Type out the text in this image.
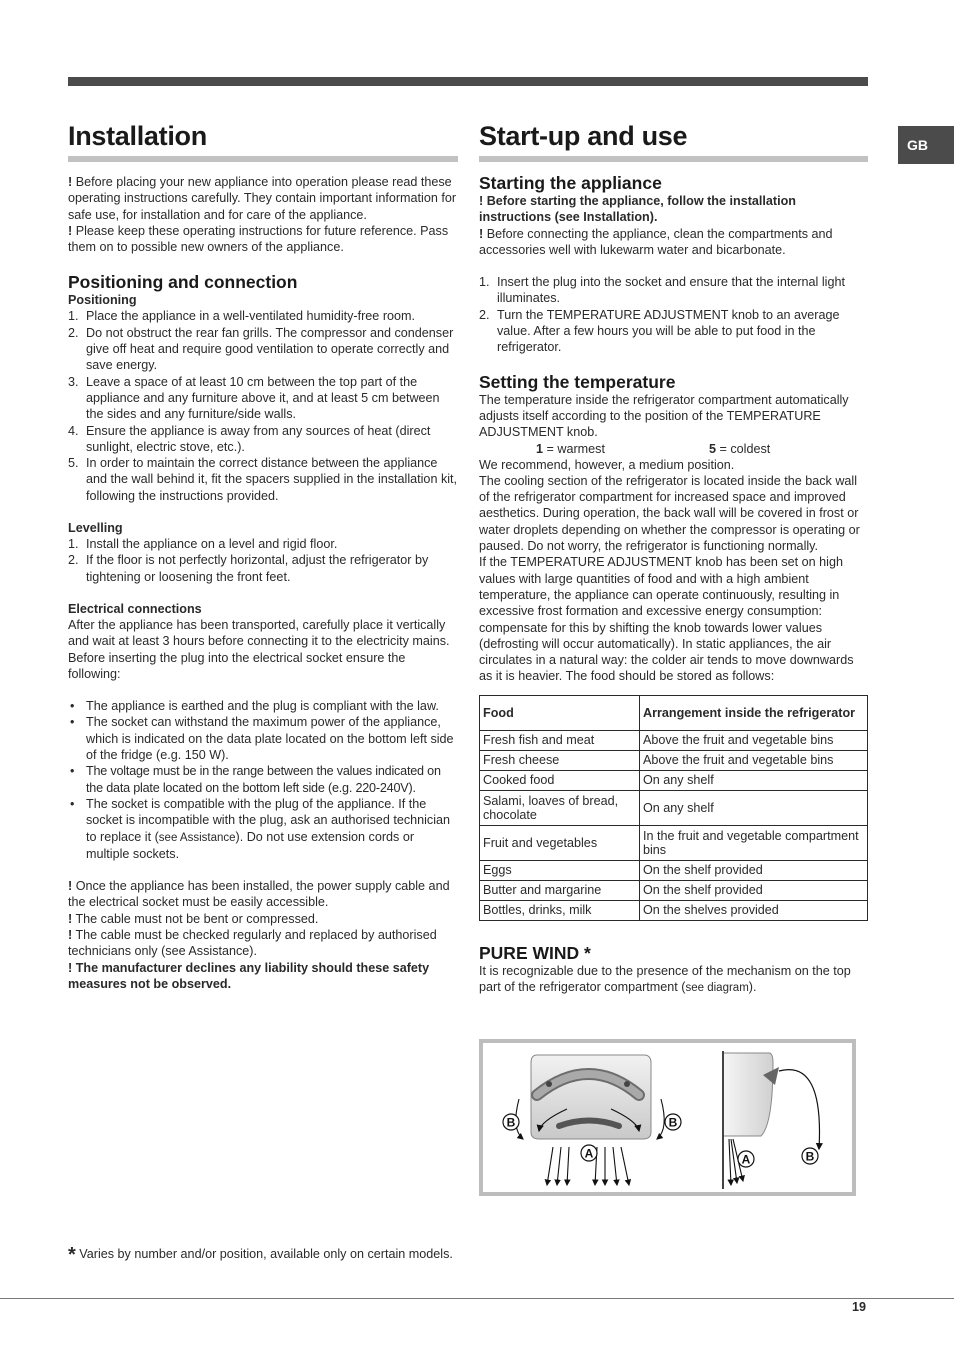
GB
Installation

! Before placing your new appliance into operation please read these operating instructions carefully. They contain important information for safe use, for installation and for care of the appliance.

! Please keep these operating instructions for future reference. Pass them on to possible new owners of the appliance.

Positioning and connection
Positioning
1. Place the appliance in a well-ventilated humidity-free room.
2. Do not obstruct the rear fan grills. The compressor and condenser give off heat and require good ventilation to operate correctly and save energy.
3. Leave a space of at least 10 cm between the top part of the appliance and any furniture above it, and at least 5 cm between the sides and any furniture/side walls.
4. Ensure the appliance is away from any sources of heat (direct sunlight, electric stove, etc.).
5. In order to maintain the correct distance between the appliance and the wall behind it, fit the spacers supplied in the installation kit, following the instructions provided.
Levelling
1. Install the appliance on a level and rigid floor.
2. If the floor is not perfectly horizontal, adjust the refrigerator by tightening or loosening the front feet.
Electrical connections

After the appliance has been transported, carefully place it vertically and wait at least 3 hours before connecting it to the electricity mains. Before inserting the plug into the electrical socket ensure the following:

• The appliance is earthed and the plug is compliant with the law.
• The socket can withstand the maximum power of the appliance, which is indicated on the data plate located on the bottom left side of the fridge (e.g. 150 W).
• The voltage must be in the range between the values indicated on the data plate located on the bottom left side (e.g. 220-240V).
• The socket is compatible with the plug of the appliance. If the socket is incompatible with the plug, ask an authorised technician to replace it (see Assistance). Do not use extension cords or multiple sockets.

! Once the appliance has been installed, the power supply cable and the electrical socket must be easily accessible.

! The cable must not be bent or compressed.

! The cable must be checked regularly and replaced by authorised technicians only (see Assistance).

! The manufacturer declines any liability should these safety measures not be observed.

Start-up and use
Starting the appliance

! Before starting the appliance, follow the installation instructions (see Installation).

! Before connecting the appliance, clean the compartments and accessories well with lukewarm water and bicarbonate.

1. Insert the plug into the socket and ensure that the internal light illuminates.
2. Turn the TEMPERATURE ADJUSTMENT knob to an average value. After a few hours you will be able to put food in the refrigerator.
Setting the temperature

The temperature inside the refrigerator compartment automatically adjusts itself according to the position of the TEMPERATURE ADJUSTMENT knob.

1 = warmest	5 = coldest

We recommend, however, a medium position.
The cooling section of the refrigerator is located inside the back wall of the refrigerator compartment for increased space and improved aesthetics. During operation, the back wall will be covered in frost or water droplets depending on whether the compressor is operating or paused. Do not worry, the refrigerator is functioning normally.
If the TEMPERATURE ADJUSTMENT knob has been set on high values with large quantities of food and with a high ambient temperature, the appliance can operate continuously, resulting in excessive frost formation and excessive energy consumption: compensate for this by shifting the knob towards lower values (defrosting will occur automatically). In static appliances, the air circulates in a natural way: the colder air tends to move downwards as it is heavier. The food should be stored as follows:

Food	Arrangement inside the refrigerator
Fresh fish and meat	Above the fruit and vegetable bins
Fresh cheese	Above the fruit and vegetable bins
Cooked food	On any shelf
Salami, loaves of bread, chocolate	On any shelf
Fruit and vegetables	In the fruit and vegetable compartment bins
Eggs	On the shelf provided
Butter and margarine	On the shelf provided
Bottles, drinks, milk	On the shelves provided
PURE WIND *

It is recognizable due to the presence of the mechanism on the top part of the refrigerator compartment (see diagram).

B	B
A	A	B
* Varies by number and/or position, available only on certain models.
19
